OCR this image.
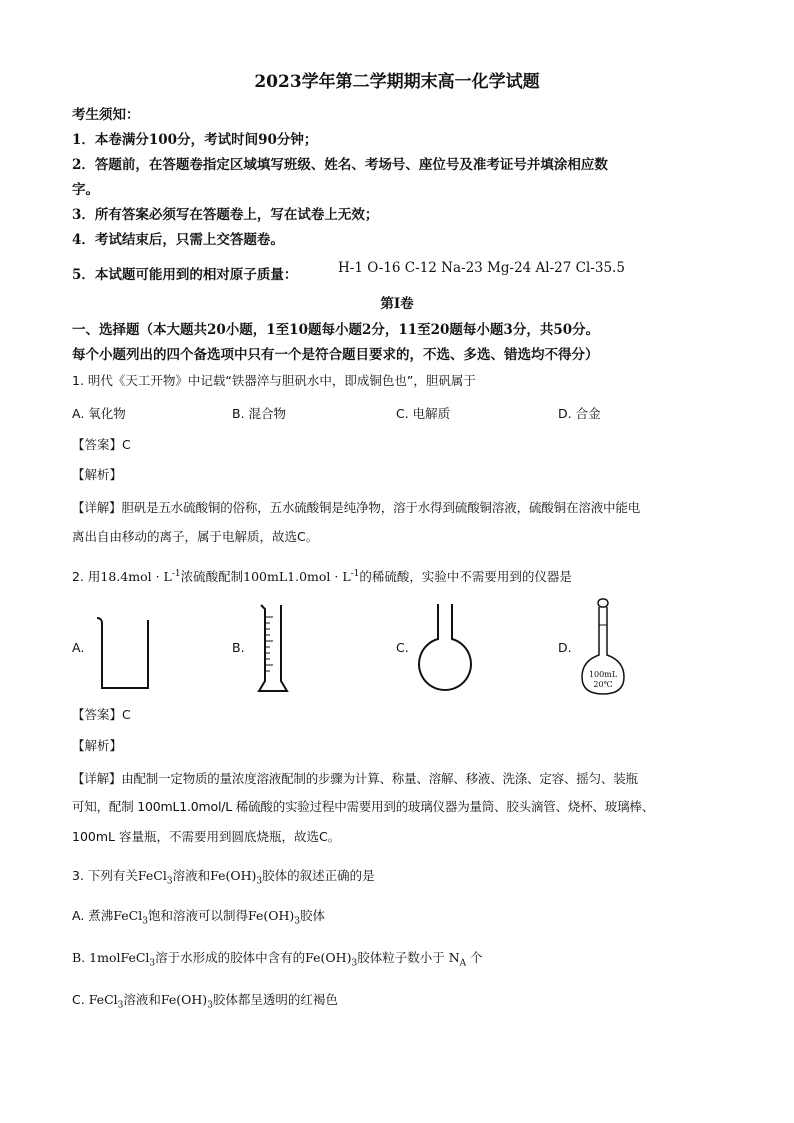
2023学年第二学期期末高一化学试题
考生须知：
1．本卷满分100分，考试时间90分钟；
2．答题前，在答题卷指定区域填写班级、姓名、考场号、座位号及准考证号并填涂相应数
字。
3．所有答案必须写在答题卷上，写在试卷上无效；
4．考试结束后，只需上交答题卷。
5．本试题可能用到的相对原子质量：	H-1 O-16 C-12 Na-23 Mg-24 Al-27 Cl-35.5
第Ⅰ卷
一、选择题（本大题共20小题，1至10题每小题2分，11至20题每小题3分，共50分。
每个小题列出的四个备选项中只有一个是符合题目要求的，不选、多选、错选均不得分）
1. 明代《天工开物》中记载“铁器淬与胆矾水中，即成铜色也”，胆矾属于
A. 氧化物	B. 混合物	C. 电解质	D. 合金
【答案】C
【解析】
【详解】胆矾是五水硫酸铜的俗称，五水硫酸铜是纯净物，溶于水得到硫酸铜溶液，硫酸铜在溶液中能电
离出自由移动的离子，属于电解质，故选C。
2. 用$18.4mol \cdot L^{-1}$浓硫酸配制$100mL1.0mol \cdot L^{-1}$的稀硫酸，实验中不需要用到的仪器是
A.	B.	C.	D.
100mL
20℃
【答案】C
【解析】
【详解】由配制一定物质的量浓度溶液配制的步骤为计算、称量、溶解、移液、洗涤、定容、摇匀、装瓶
可知，配制 100mL1.0mol/L 稀硫酸的实验过程中需要用到的玻璃仪器为量筒、胶头滴管、烧杯、玻璃棒、
100mL 容量瓶，不需要用到圆底烧瓶，故选C。
3. 下列有关FeCl$_3$溶液和$Fe(OH)_3$胶体的叙述正确的是
A. 煮沸FeCl$_3$饱和溶液可以制得$Fe(OH)_3$胶体
B. 1molFeCl$_3$溶于水形成的胶体中含有的$Fe(OH)_3$胶体粒子数小于 $N_A$ 个
C. FeCl$_3$溶液和$Fe(OH)_3$胶体都呈透明的红褐色
